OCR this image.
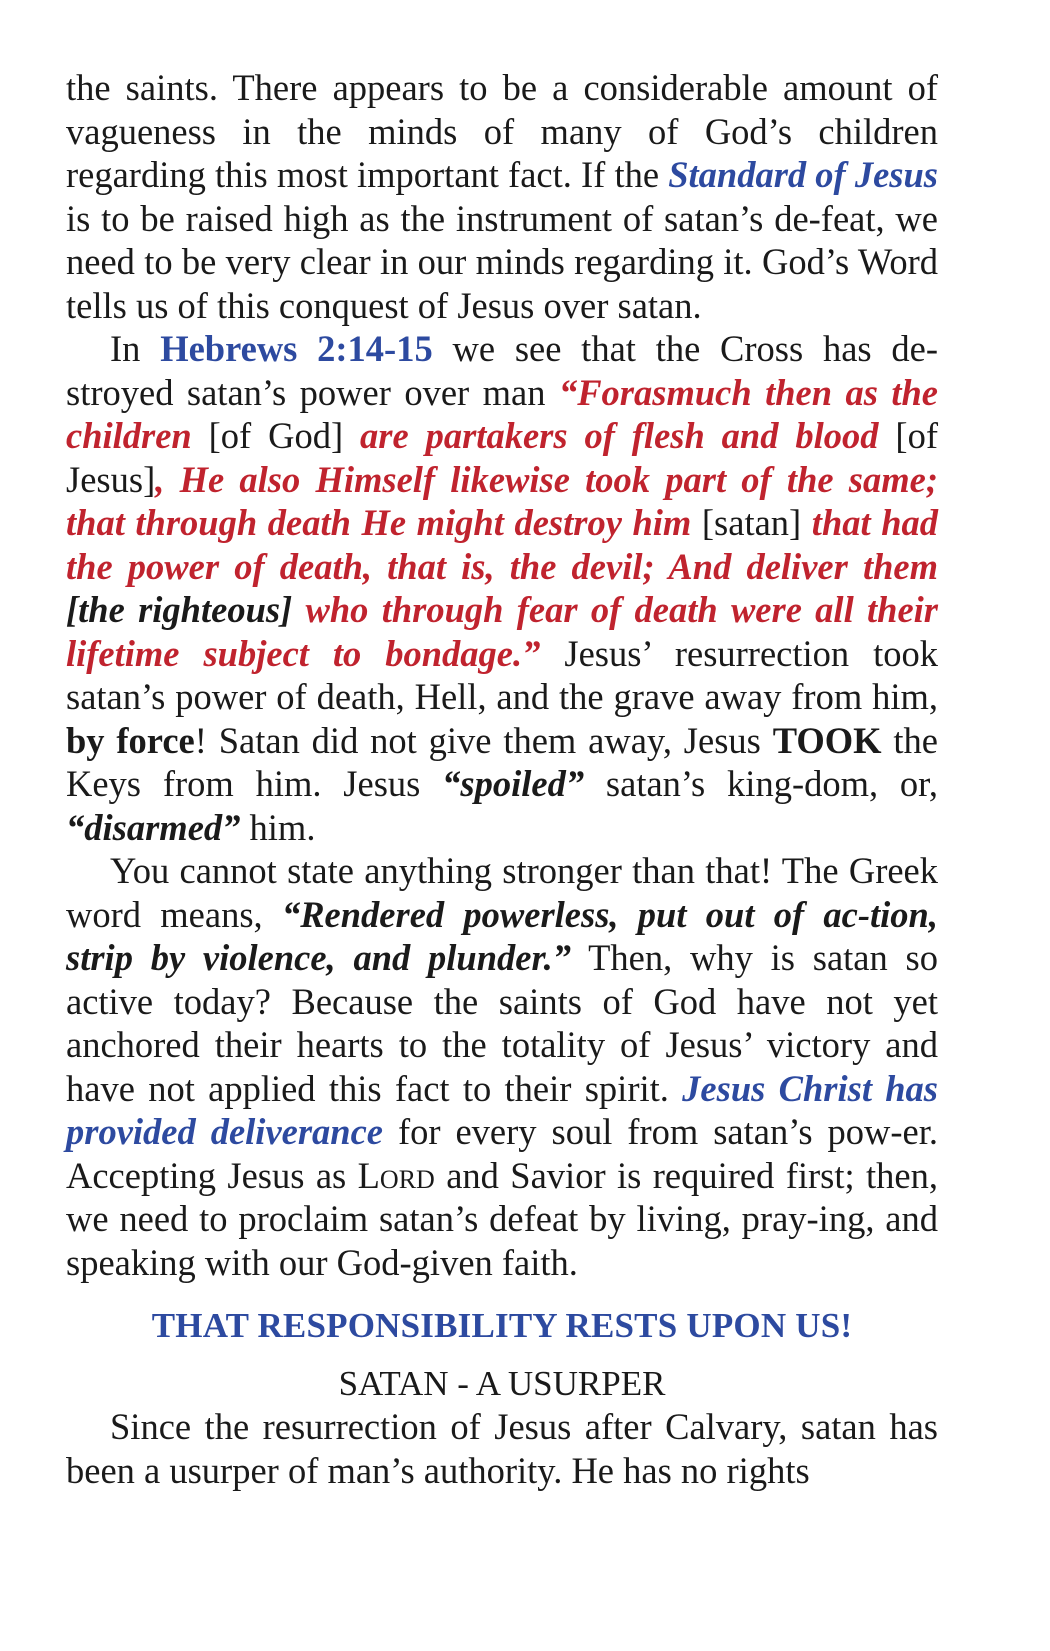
the saints. There appears to be a considerable amount of vagueness in the minds of many of God’s children regarding this most important fact. If the Standard of Jesus is to be raised high as the instrument of satan’s de-feat, we need to be very clear in our minds regarding it. God’s Word tells us of this conquest of Jesus over satan.

In Hebrews 2:14-15 we see that the Cross has de-stroyed satan’s power over man “Forasmuch then as the children [of God] are partakers of flesh and blood [of Jesus], He also Himself likewise took part of the same; that through death He might destroy him [satan] that had the power of death, that is, the devil; And deliver them [the righteous] who through fear of death were all their lifetime subject to bondage.” Jesus’ resurrection took satan’s power of death, Hell, and the grave away from him, by force! Satan did not give them away, Jesus TOOK the Keys from him. Jesus “spoiled” satan’s king-dom, or, “disarmed” him.

You cannot state anything stronger than that! The Greek word means, “Rendered powerless, put out of ac-tion, strip by violence, and plunder.” Then, why is satan so active today? Because the saints of God have not yet anchored their hearts to the totality of Jesus’ victory and have not applied this fact to their spirit. Jesus Christ has provided deliverance for every soul from satan’s pow-er. Accepting Jesus as Lord and Savior is required first; then, we need to proclaim satan’s defeat by living, pray-ing, and speaking with our God-given faith.

THAT RESPONSIBILITY RESTS UPON US!

SATAN - A USURPER

Since the resurrection of Jesus after Calvary, satan has been a usurper of man’s authority. He has no rights
